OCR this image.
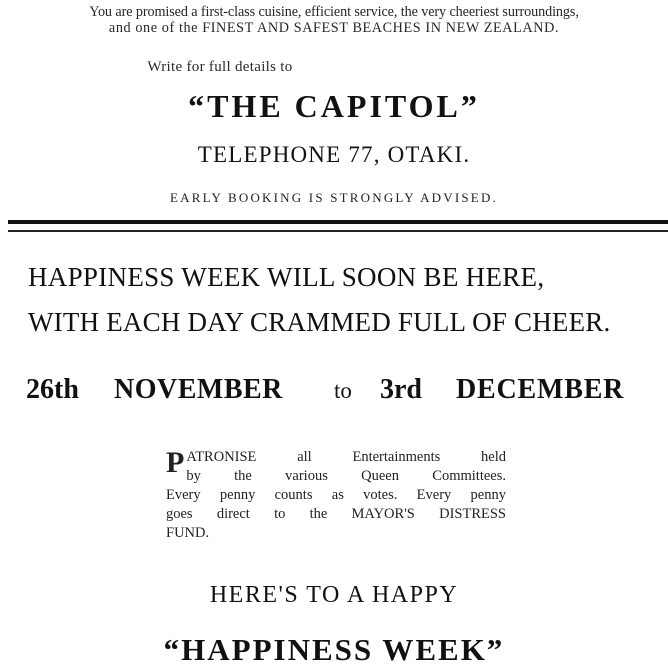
You are promised a first-class cuisine, efficient service, the very cheeriest surroundings,
and one of the FINEST AND SAFEST BEACHES IN NEW ZEALAND.
Write for full details to
“THE CAPITOL”
TELEPHONE 77, OTAKI.
EARLY BOOKING IS STRONGLY ADVISED.
HAPPINESS WEEK WILL SOON BE HERE,
WITH EACH DAY CRAMMED FULL OF CHEER.
26th NOVEMBER to 3rd DECEMBER
P ATRONISE all Entertainments held
by the various Queen Committees.
Every penny counts as votes. Every penny
goes direct to the MAYOR'S DISTRESS
FUND.
HERE'S TO A HAPPY
“HAPPINESS WEEK”
